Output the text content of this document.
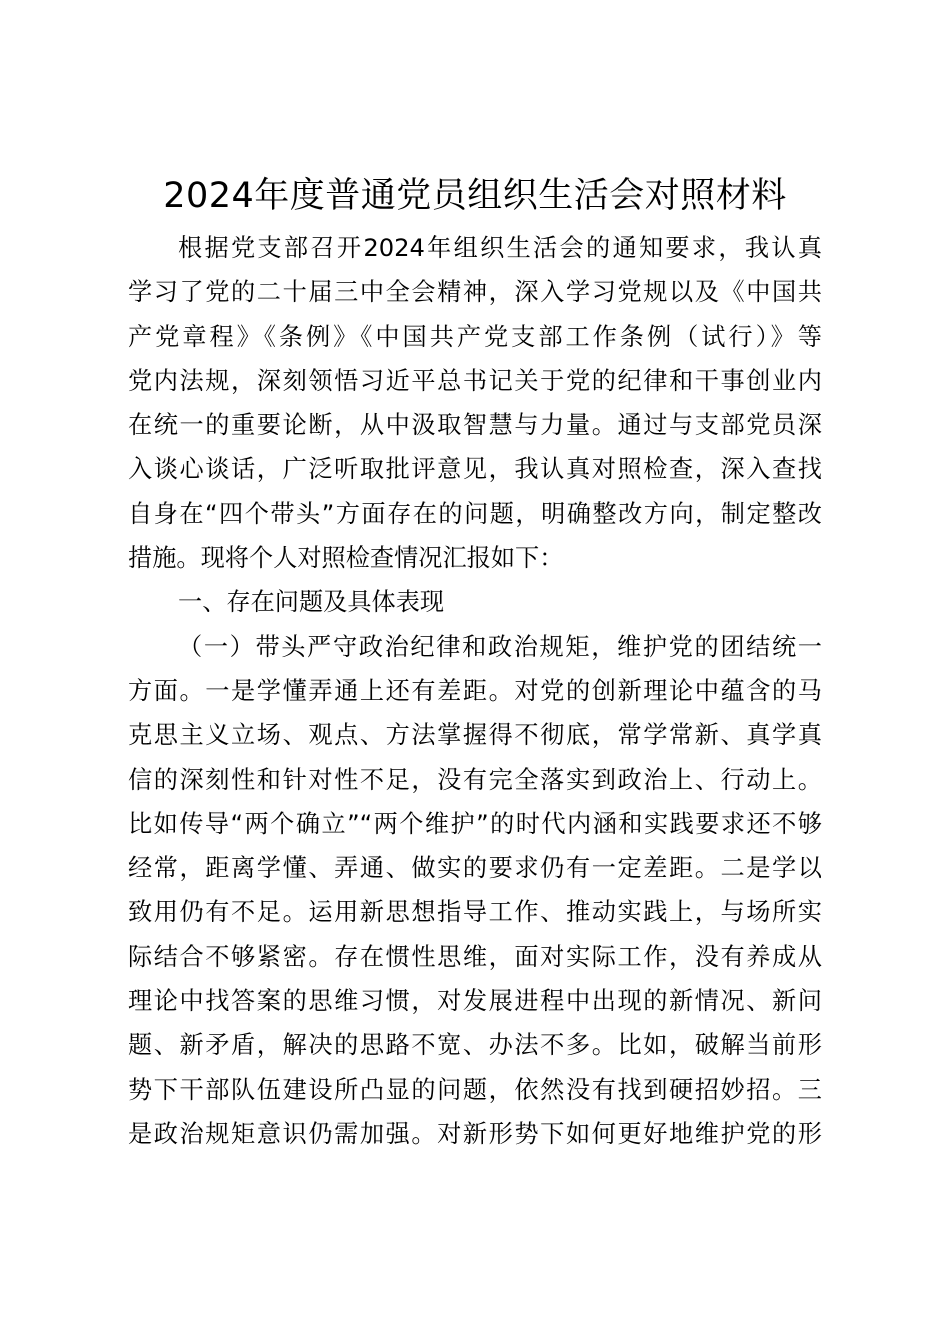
2024年度普通党员组织生活会对照材料
根据党支部召开2024年组织生活会的通知要求，我认真
学习了党的二十届三中全会精神，深入学习党规以及《中国共
产党章程》《条例》《中国共产党支部工作条例（试行）》等
党内法规，深刻领悟习近平总书记关于党的纪律和干事创业内
在统一的重要论断，从中汲取智慧与力量。通过与支部党员深
入谈心谈话，广泛听取批评意见，我认真对照检查，深入查找
自身在“四个带头”方面存在的问题，明确整改方向，制定整改
措施。现将个人对照检查情况汇报如下：
一、存在问题及具体表现
（一）带头严守政治纪律和政治规矩，维护党的团结统一
方面。一是学懂弄通上还有差距。对党的创新理论中蕴含的马
克思主义立场、观点、方法掌握得不彻底，常学常新、真学真
信的深刻性和针对性不足，没有完全落实到政治上、行动上。
比如传导“两个确立”“两个维护”的时代内涵和实践要求还不够
经常，距离学懂、弄通、做实的要求仍有一定差距。二是学以
致用仍有不足。运用新思想指导工作、推动实践上，与场所实
际结合不够紧密。存在惯性思维，面对实际工作，没有养成从
理论中找答案的思维习惯，对发展进程中出现的新情况、新问
题、新矛盾，解决的思路不宽、办法不多。比如，破解当前形
势下干部队伍建设所凸显的问题，依然没有找到硬招妙招。三
是政治规矩意识仍需加强。对新形势下如何更好地维护党的形
